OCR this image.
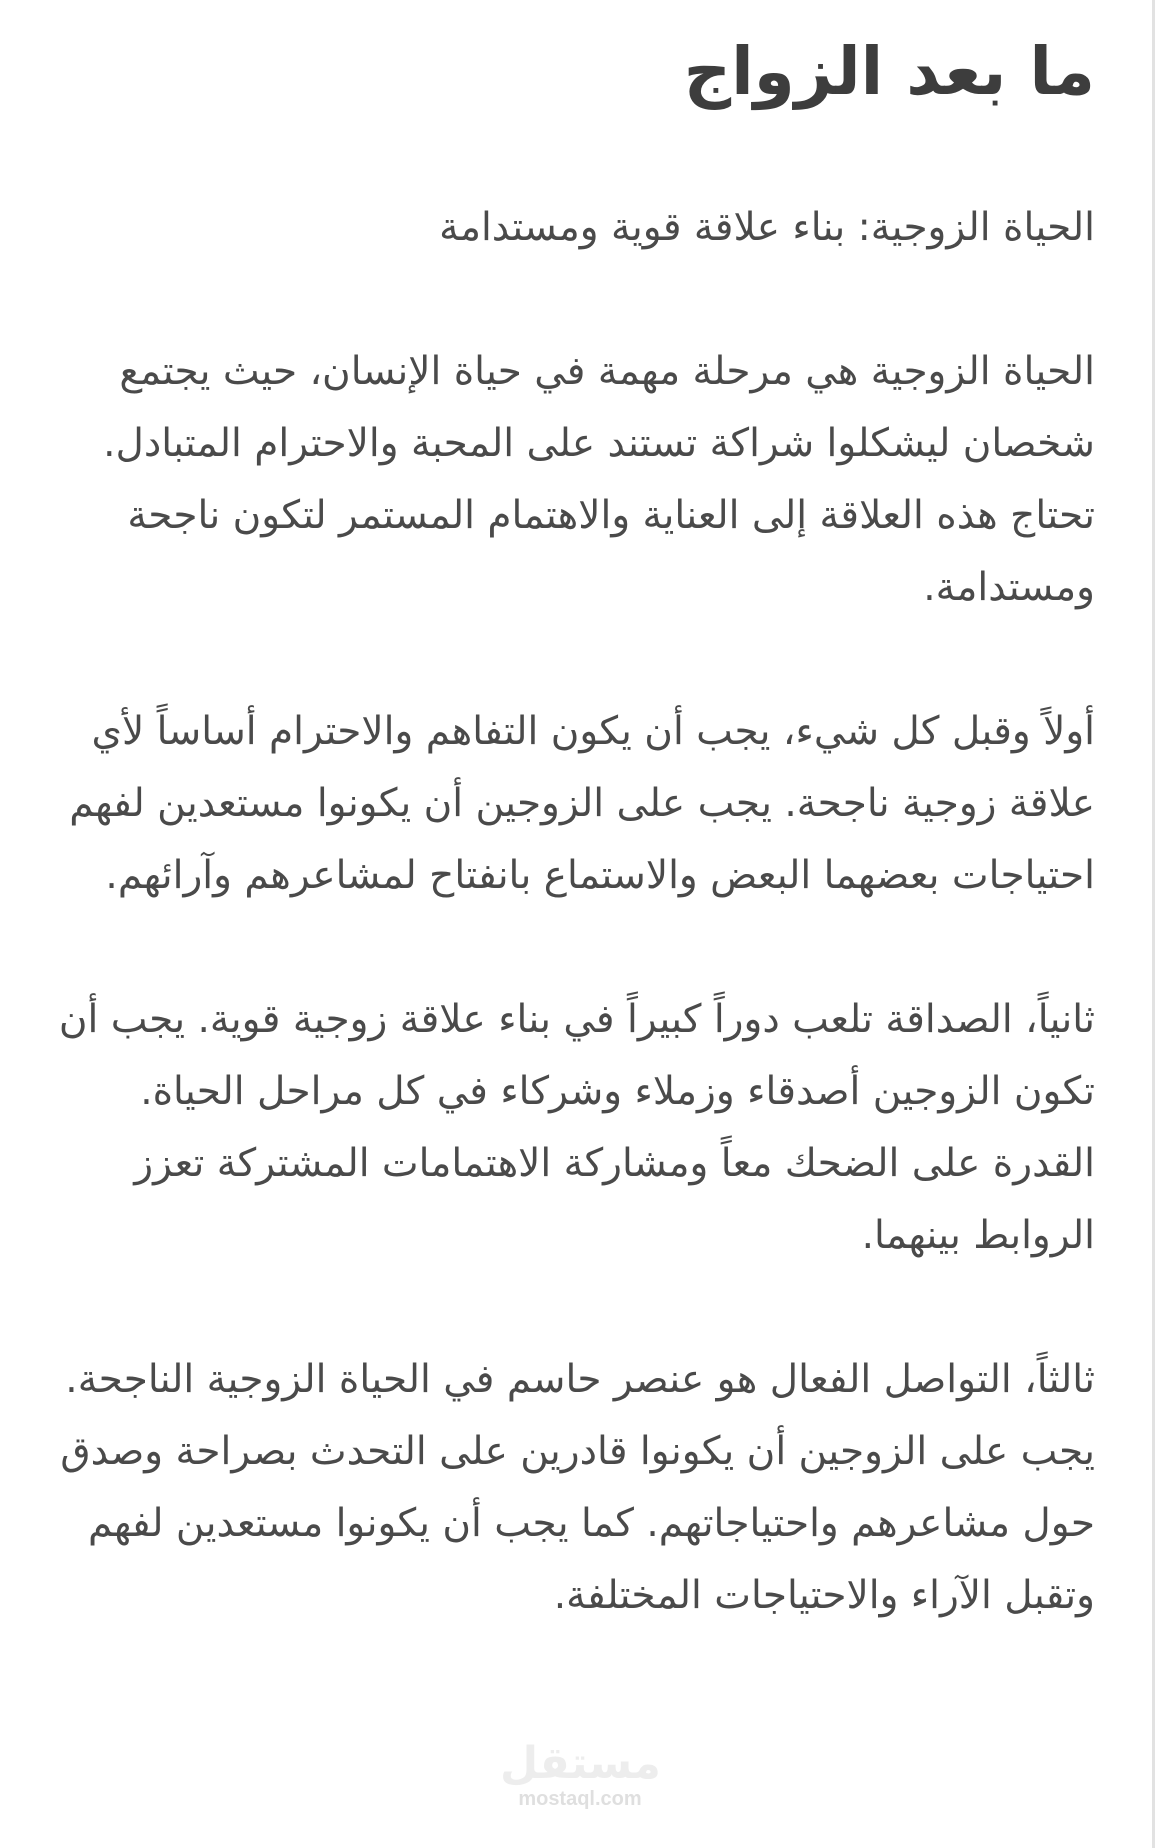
ما بعد الزواج

الحياة الزوجية: بناء علاقة قوية ومستدامة

الحياة الزوجية هي مرحلة مهمة في حياة الإنسان، حيث يجتمع شخصان ليشكلوا شراكة تستند على المحبة والاحترام المتبادل. تحتاج هذه العلاقة إلى العناية والاهتمام المستمر لتكون ناجحة ومستدامة.

أولاً وقبل كل شيء، يجب أن يكون التفاهم والاحترام أساساً لأي علاقة زوجية ناجحة. يجب على الزوجين أن يكونوا مستعدين لفهم احتياجات بعضهما البعض والاستماع بانفتاح لمشاعرهم وآرائهم.

ثانياً، الصداقة تلعب دوراً كبيراً في بناء علاقة زوجية قوية. يجب أن تكون الزوجين أصدقاء وزملاء وشركاء في كل مراحل الحياة. القدرة على الضحك معاً ومشاركة الاهتمامات المشتركة تعزز الروابط بينهما.

ثالثاً، التواصل الفعال هو عنصر حاسم في الحياة الزوجية الناجحة. يجب على الزوجين أن يكونوا قادرين على التحدث بصراحة وصدق حول مشاعرهم واحتياجاتهم. كما يجب أن يكونوا مستعدين لفهم وتقبل الآراء والاحتياجات المختلفة.

مستقل
mostaql.com
